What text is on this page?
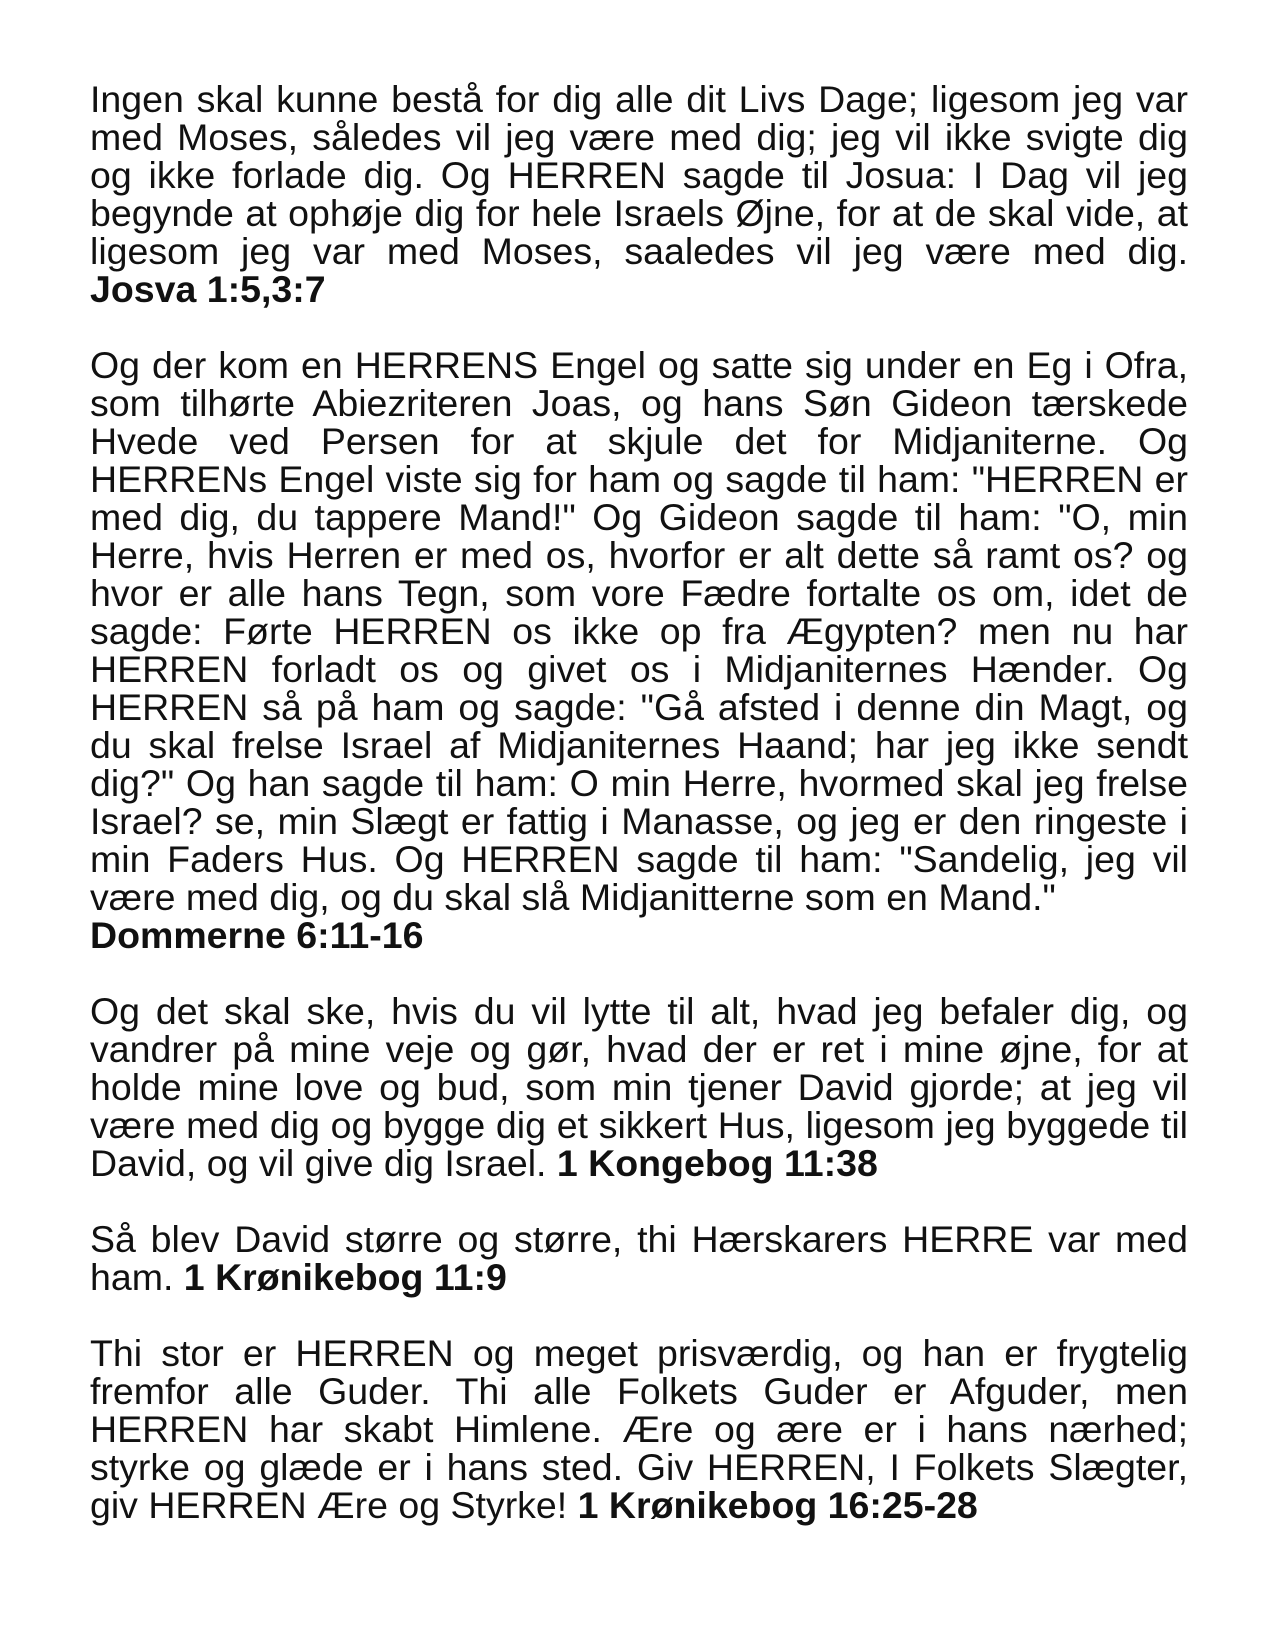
Ingen skal kunne bestå for dig alle dit Livs Dage; ligesom jeg var med Moses, således vil jeg være med dig; jeg vil ikke svigte dig og ikke forlade dig. Og HERREN sagde til Josua: I Dag vil jeg begynde at ophøje dig for hele Israels Øjne, for at de skal vide, at ligesom jeg var med Moses, saaledes vil jeg være med dig. Josva 1:5,3:7

Og der kom en HERRENS Engel og satte sig under en Eg i Ofra, som tilhørte Abiezriteren Joas, og hans Søn Gideon tærskede Hvede ved Persen for at skjule det for Midjaniterne. Og HERRENs Engel viste sig for ham og sagde til ham: "HERREN er med dig, du tappere Mand!" Og Gideon sagde til ham: "O, min Herre, hvis Herren er med os, hvorfor er alt dette så ramt os? og hvor er alle hans Tegn, som vore Fædre fortalte os om, idet de sagde: Førte HERREN os ikke op fra Ægypten? men nu har HERREN forladt os og givet os i Midjaniternes Hænder. Og HERREN så på ham og sagde: "Gå afsted i denne din Magt, og du skal frelse Israel af Midjaniternes Haand; har jeg ikke sendt dig?" Og han sagde til ham: O min Herre, hvormed skal jeg frelse Israel? se, min Slægt er fattig i Manasse, og jeg er den ringeste i min Faders Hus. Og HERREN sagde til ham: "Sandelig, jeg vil være med dig, og du skal slå Midjanitterne som en Mand."
Dommerne 6:11-16

Og det skal ske, hvis du vil lytte til alt, hvad jeg befaler dig, og vandrer på mine veje og gør, hvad der er ret i mine øjne, for at holde mine love og bud, som min tjener David gjorde; at jeg vil være med dig og bygge dig et sikkert Hus, ligesom jeg byggede til David, og vil give dig Israel. 1 Kongebog 11:38

Så blev David større og større, thi Hærskarers HERRE var med ham. 1 Krønikebog 11:9

Thi stor er HERREN og meget prisværdig, og han er frygtelig fremfor alle Guder. Thi alle Folkets Guder er Afguder, men HERREN har skabt Himlene. Ære og ære er i hans nærhed; styrke og glæde er i hans sted. Giv HERREN, I Folkets Slægter, giv HERREN Ære og Styrke! 1 Krønikebog 16:25-28
